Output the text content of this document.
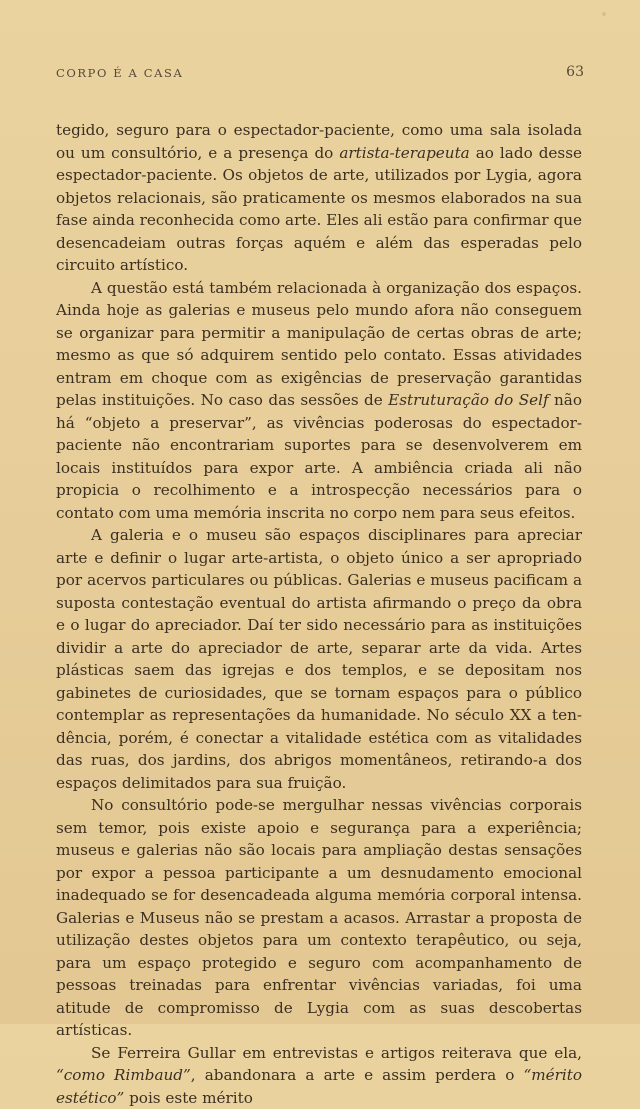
CORPO É A CASA	63

tegido, seguro para o espectador-paciente, como uma sala isolada ou um consultório, e a presença do artista-terapeuta ao lado desse espectador-paciente. Os objetos de arte, utilizados por Lygia, agora objetos relacionais, são praticamente os mesmos elaborados na sua fase ainda reconhecida como arte. Eles ali estão para confirmar que desencadeiam outras forças aquém e além das esperadas pelo circuito artístico.

A questão está também relacionada à organização dos espaços. Ainda hoje as galerias e museus pelo mundo afora não conseguem se organizar para permitir a manipulação de certas obras de arte; mesmo as que só adquirem sentido pelo contato. Essas atividades entram em choque com as exigências de preservação garantidas pelas instituições. No caso das sessões de Estruturação do Self não há “objeto a preservar”, as vivências poderosas do espectador-paciente não encontrariam suportes para se desenvolverem em locais instituídos para expor arte. A ambiência criada ali não propicia o recolhimento e a introspecção necessários para o contato com uma memória inscrita no corpo nem para seus efeitos.

A galeria e o museu são espaços disciplinares para apreciar arte e definir o lugar arte-artista, o objeto único a ser apropriado por acervos particulares ou públicas. Galerias e museus pacificam a suposta contestação eventual do artista afirmando o preço da obra e o lugar do apreciador. Daí ter sido necessário para as instituições dividir a arte do apreciador de arte, separar arte da vida. Artes plásticas saem das igrejas e dos templos, e se depositam nos gabinetes de curiosidades, que se tornam espaços para o público contemplar as representações da humanidade. No século XX a tendência, porém, é conectar a vitalidade estética com as vitalidades das ruas, dos jardins, dos abrigos momentâneos, retirando-a dos espaços delimitados para sua fruição.

No consultório pode-se mergulhar nessas vivências corporais sem temor, pois existe apoio e segurança para a experiência; museus e galerias não são locais para ampliação destas sensações por expor a pessoa participante a um desnudamento emocional inadequado se for desencadeada alguma memória corporal intensa. Galerias e Museus não se prestam a acasos. Arrastar a proposta de utilização destes objetos para um contexto terapêutico, ou seja, para um espaço protegido e seguro com acompanhamento de pessoas treinadas para enfrentar vivências variadas, foi uma atitude de compromisso de Lygia com as suas descobertas artísticas.

Se Ferreira Gullar em entrevistas e artigos reiterava que ela, “como Rimbaud”, abandonara a arte e assim perdera o “mérito estético” pois este mérito
